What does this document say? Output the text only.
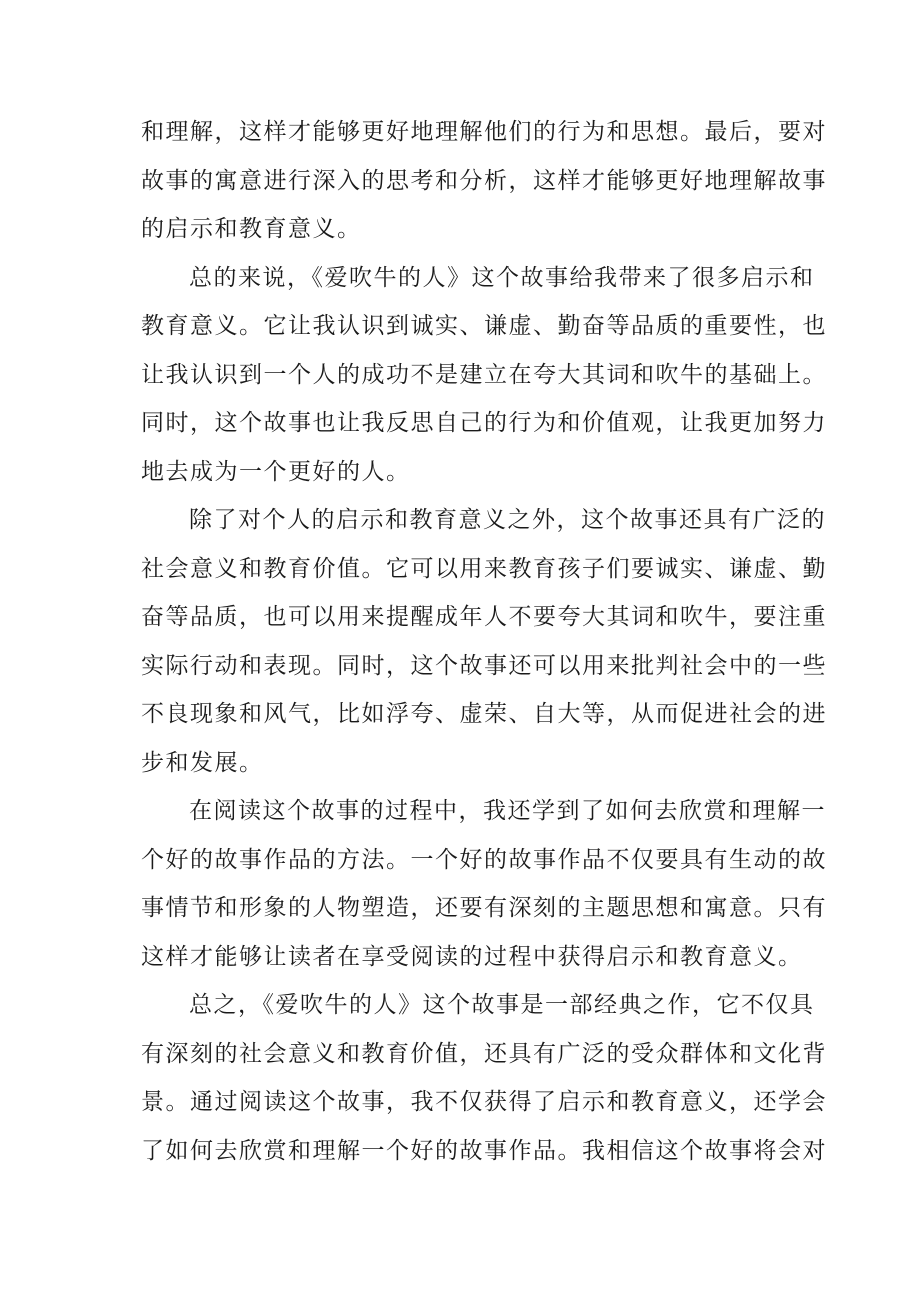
和理解，这样才能够更好地理解他们的行为和思想。最后，要对
故事的寓意进行深入的思考和分析，这样才能够更好地理解故事
的启示和教育意义。
总的来说，《爱吹牛的人》这个故事给我带来了很多启示和
教育意义。它让我认识到诚实、谦虚、勤奋等品质的重要性，也
让我认识到一个人的成功不是建立在夸大其词和吹牛的基础上。
同时，这个故事也让我反思自己的行为和价值观，让我更加努力
地去成为一个更好的人。
除了对个人的启示和教育意义之外，这个故事还具有广泛的
社会意义和教育价值。它可以用来教育孩子们要诚实、谦虚、勤
奋等品质，也可以用来提醒成年人不要夸大其词和吹牛，要注重
实际行动和表现。同时，这个故事还可以用来批判社会中的一些
不良现象和风气，比如浮夸、虚荣、自大等，从而促进社会的进
步和发展。
在阅读这个故事的过程中，我还学到了如何去欣赏和理解一
个好的故事作品的方法。一个好的故事作品不仅要具有生动的故
事情节和形象的人物塑造，还要有深刻的主题思想和寓意。只有
这样才能够让读者在享受阅读的过程中获得启示和教育意义。
总之，《爱吹牛的人》这个故事是一部经典之作，它不仅具
有深刻的社会意义和教育价值，还具有广泛的受众群体和文化背
景。通过阅读这个故事，我不仅获得了启示和教育意义，还学会
了如何去欣赏和理解一个好的故事作品。我相信这个故事将会对
